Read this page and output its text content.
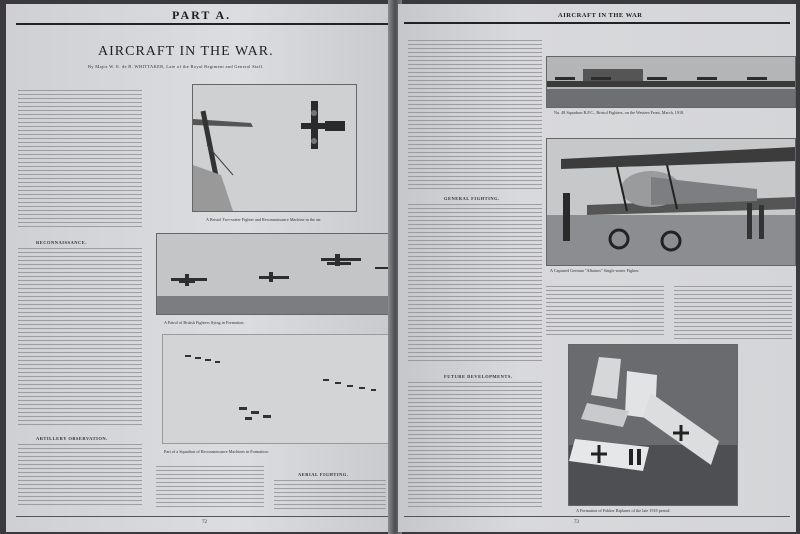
PART A.
AIRCRAFT IN THE WAR.
By Major W. E. de B. WHITTAKER, Late of the Royal Regiment and General Staff.
RECONNAISSANCE.
ARTILLERY OBSERVATION.
A Bristol Two-seater Fighter and Reconnaissance Machine in the air.
A Patrol of British Fighters flying in Formation.
Part of a Squadron of Reconnaissance Machines in Formation.
AERIAL FIGHTING.
72
AIRCRAFT IN THE WAR
GENERAL FIGHTING.
FUTURE DEVELOPMENTS.
No. 48 Squadron R.F.C., Bristol Fighters, on the Western Front, March, 1918.
A Captured German "Albatros" Single-seater Fighter.
A Formation of Fokker Biplanes of the late 1918 period.
73
